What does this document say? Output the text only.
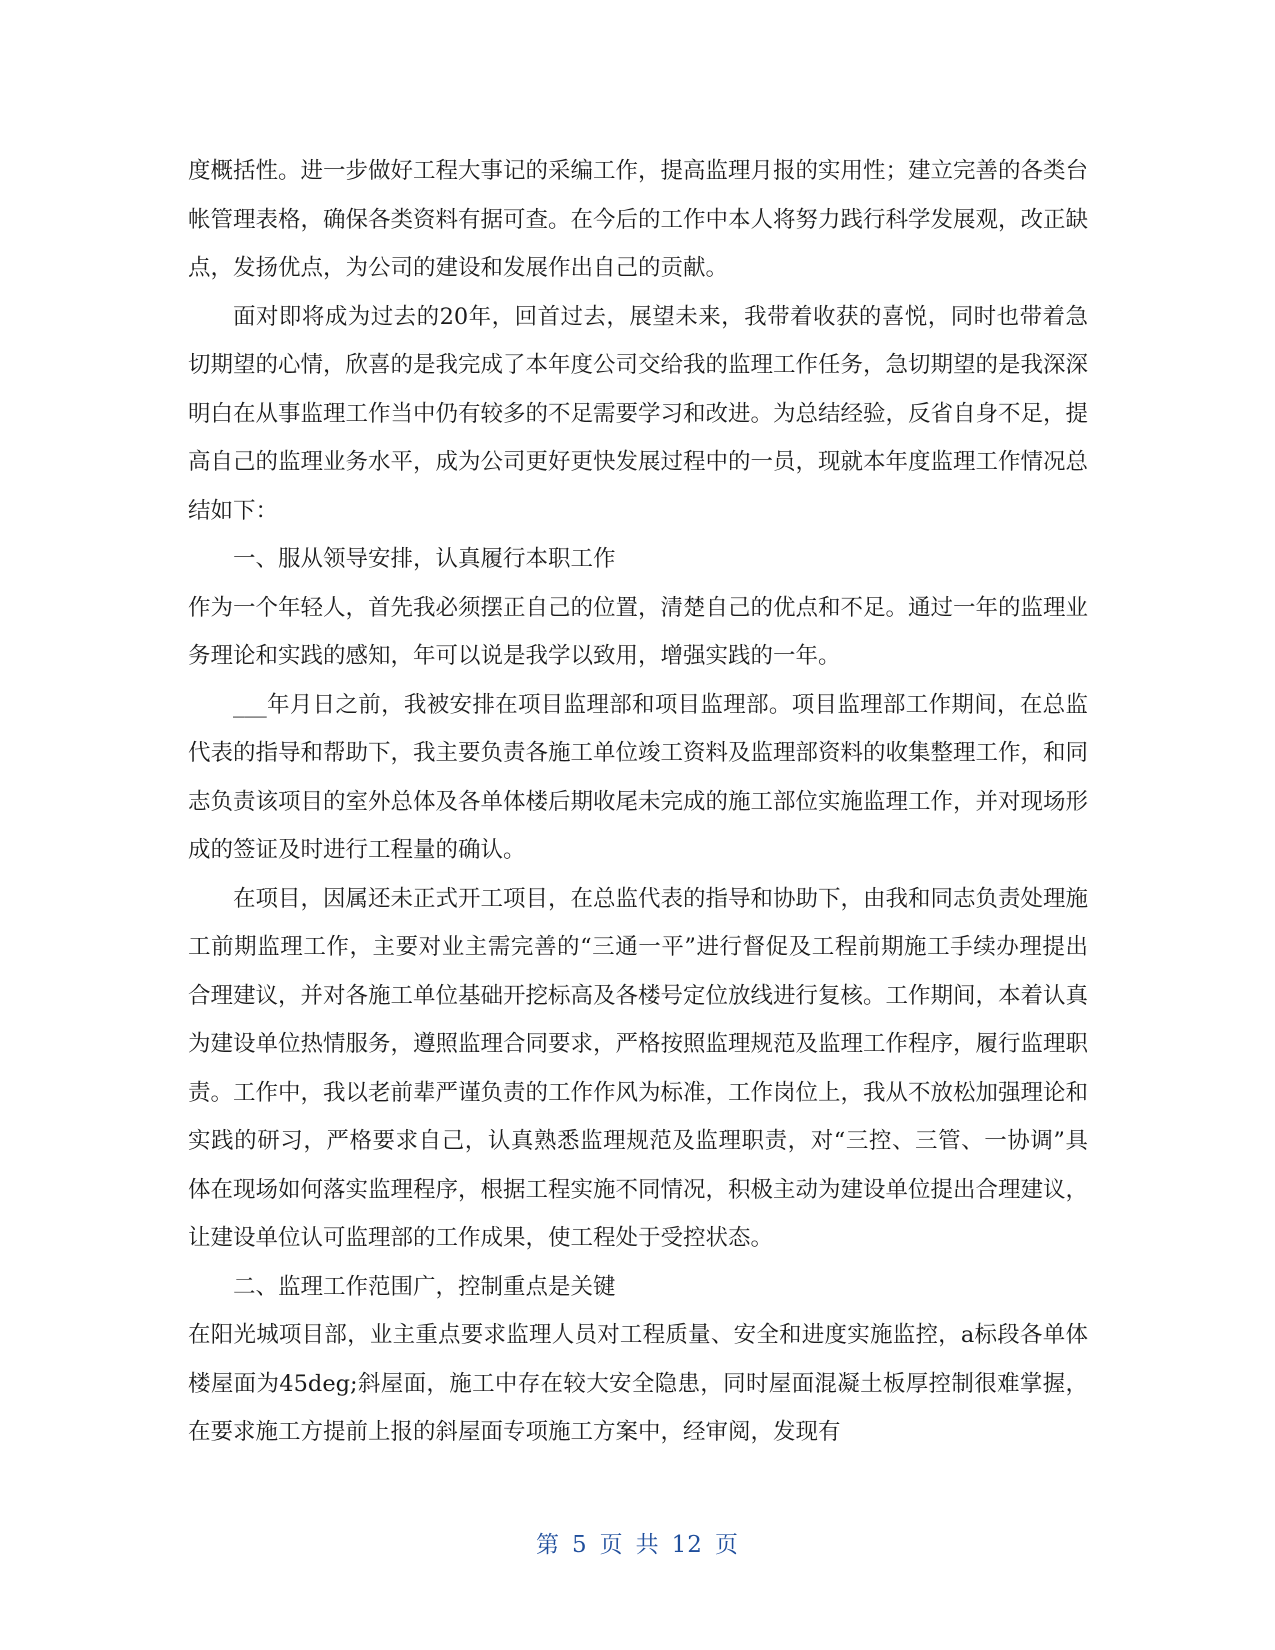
度概括性。进一步做好工程大事记的采编工作，提高监理月报的实用性；建立完善的各类台帐管理表格，确保各类资料有据可查。在今后的工作中本人将努力践行科学发展观，改正缺点，发扬优点，为公司的建设和发展作出自己的贡献。

面对即将成为过去的20年，回首过去，展望未来，我带着收获的喜悦，同时也带着急切期望的心情，欣喜的是我完成了本年度公司交给我的监理工作任务，急切期望的是我深深明白在从事监理工作当中仍有较多的不足需要学习和改进。为总结经验，反省自身不足，提高自己的监理业务水平，成为公司更好更快发展过程中的一员，现就本年度监理工作情况总结如下：

一、服从领导安排，认真履行本职工作

作为一个年轻人，首先我必须摆正自己的位置，清楚自己的优点和不足。通过一年的监理业务理论和实践的感知，年可以说是我学以致用，增强实践的一年。

___年月日之前，我被安排在项目监理部和项目监理部。项目监理部工作期间，在总监代表的指导和帮助下，我主要负责各施工单位竣工资料及监理部资料的收集整理工作，和同志负责该项目的室外总体及各单体楼后期收尾未完成的施工部位实施监理工作，并对现场形成的签证及时进行工程量的确认。

在项目，因属还未正式开工项目，在总监代表的指导和协助下，由我和同志负责处理施工前期监理工作，主要对业主需完善的“三通一平”进行督促及工程前期施工手续办理提出合理建议，并对各施工单位基础开挖标高及各楼号定位放线进行复核。工作期间，本着认真为建设单位热情服务，遵照监理合同要求，严格按照监理规范及监理工作程序，履行监理职责。工作中，我以老前辈严谨负责的工作作风为标准，工作岗位上，我从不放松加强理论和实践的研习，严格要求自己，认真熟悉监理规范及监理职责，对“三控、三管、一协调”具体在现场如何落实监理程序，根据工程实施不同情况，积极主动为建设单位提出合理建议，让建设单位认可监理部的工作成果，使工程处于受控状态。

二、监理工作范围广，控制重点是关键

在阳光城项目部，业主重点要求监理人员对工程质量、安全和进度实施监控，a标段各单体楼屋面为45deg;斜屋面，施工中存在较大安全隐患，同时屋面混凝土板厚控制很难掌握，在要求施工方提前上报的斜屋面专项施工方案中，经审阅，发现有

第 5 页 共 12 页
